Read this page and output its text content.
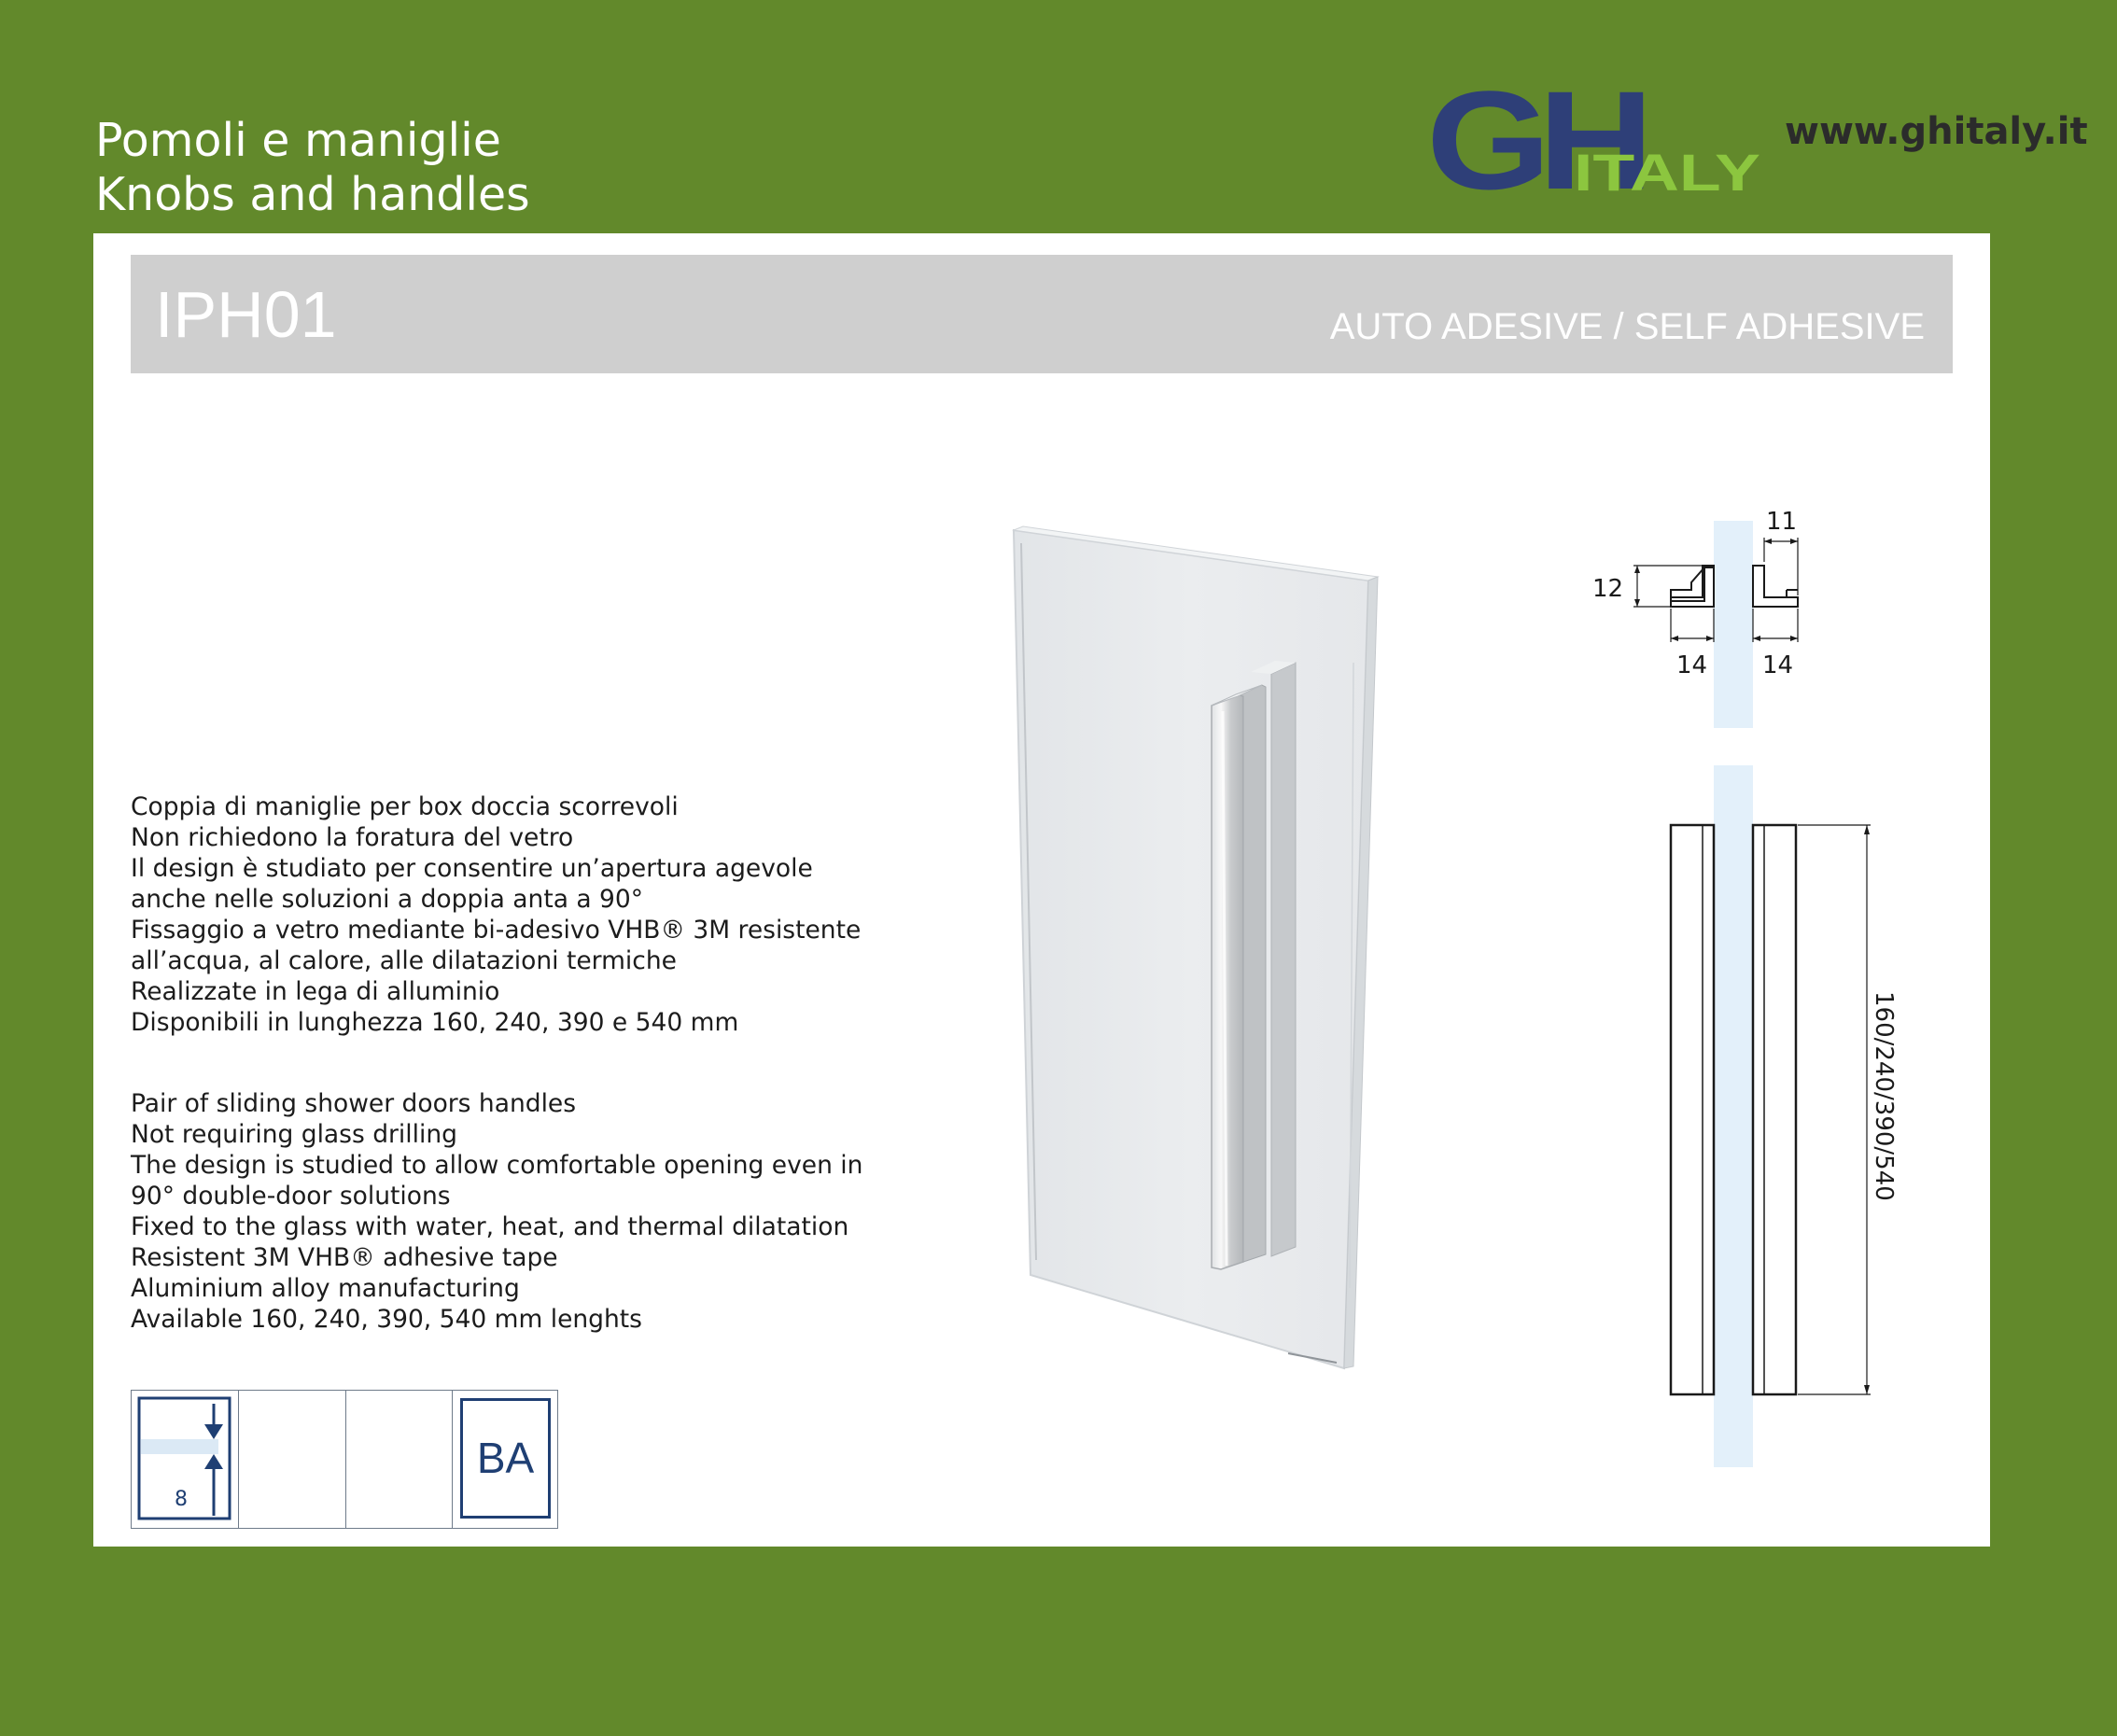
Pomoli e maniglie
Knobs and handles	GH
ITALY
www.ghitaly.it
IPH01	AUTO ADESIVE / SELF ADHESIVE
Coppia di maniglie per box doccia scorrevoli
Non richiedono la foratura del vetro
Il design è studiato per consentire un’apertura agevole
anche nelle soluzioni a doppia anta a 90°
Fissaggio a vetro mediante bi-adesivo VHB® 3M resistente
all’acqua, al calore, alle dilatazioni termiche
Realizzate in lega di alluminio
Disponibili in lunghezza 160, 240, 390 e 540 mm
Pair of sliding shower doors handles
Not requiring glass drilling
The design is studied to allow comfortable opening even in
90° double-door solutions
Fixed to the glass with water, heat, and thermal dilatation
Resistent 3M VHB® adhesive tape
Aluminium alloy manufacturing
Available 160, 240, 390, 540 mm lenghts
8
BA
11
12
14 14
160/240/390/540
